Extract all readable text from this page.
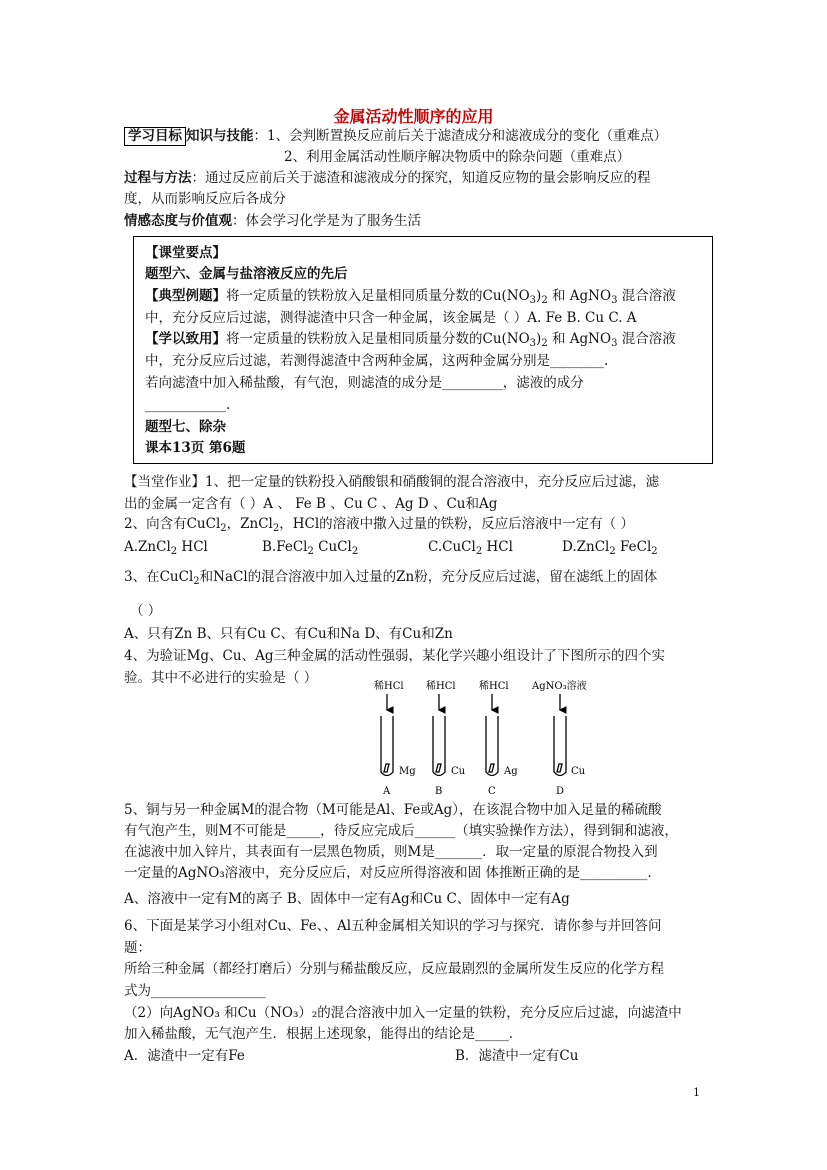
金属活动性顺序的应用
学习目标 知识与技能：1、会判断置换反应前后关于滤渣成分和滤液成分的变化（重难点）
2、利用金属活动性顺序解决物质中的除杂问题（重难点）
过程与方法：通过反应前后关于滤渣和滤液成分的探究，知道反应物的量会影响反应的程
度，从而影响反应后各成分
情感态度与价值观：体会学习化学是为了服务生活
【课堂要点】
题型六、金属与盐溶液反应的先后
【典型例题】将一定质量的铁粉放入足量相同质量分数的$Cu(NO_3)_2$ 和 AgNO$_3$ 混合溶液
中，充分反应后过滤，测得滤渣中只含一种金属，该金属是（ ）A. Fe B. Cu C. A
【学以致用】将一定质量的铁粉放入足量相同质量分数的$Cu(NO_3)_2$ 和 AgNO$_3$ 混合溶液
中，充分反应后过滤，若测得滤渣中含两种金属，这两种金属分别是________.
若向滤渣中加入稀盐酸，有气泡，则滤渣的成分是_________，滤液的成分
____________.
题型七、除杂
课本13页 第6题
【当堂作业】1、把一定量的铁粉投入硝酸银和硝酸铜的混合溶液中，充分反应后过滤，滤
出的金属一定含有（ ）A 、 Fe B 、Cu C 、Ag D 、Cu和Ag
2、向含有CuCl$_2$，ZnCl$_2$，HCl的溶液中撒入过量的铁粉，反应后溶液中一定有（ ）
A.ZnCl$_2$ HCl	B.FeCl$_2$ CuCl$_2$	C.CuCl$_2$ HCl	D.ZnCl$_2$ FeCl$_2$
3、在CuCl$_2$和NaCl的混合溶液中加入过量的Zn粉，充分反应后过滤，留在滤纸上的固体
（ ）
A、只有Zn B、只有Cu C、有Cu和Na D、有Cu和Zn
4、为验证Mg、Cu、Ag三种金属的活动性强弱，某化学兴趣小组设计了下图所示的四个实
验。其中不必进行的实验是（ ）
稀HCl 稀HCl 稀HCl AgNO₃溶液
Mg	Cu	Ag	Cu
A	B	C	D
5、铜与另一种金属M的混合物（M可能是Al、Fe或Ag），在该混合物中加入足量的稀硫酸
有气泡产生，则M不可能是_____，待反应完成后______（填实验操作方法），得到铜和滤液，
在滤液中加入锌片，其表面有一层黑色物质，则M是_______．取一定量的原混合物投入到
一定量的AgNO₃溶液中，充分反应后，对反应所得溶液和固 体推断正确的是__________．
A、溶液中一定有M的离子 B、固体中一定有Ag和Cu C、固体中一定有Ag
6、下面是某学习小组对Cu、Fe、、Al五种金属相关知识的学习与探究．请你参与并回答问
题：
所给三种金属（都经打磨后）分别与稀盐酸反应，反应最剧烈的金属所发生反应的化学方程
式为_________________
（2）向AgNO₃ 和Cu（NO₃）₂的混合溶液中加入一定量的铁粉，充分反应后过滤，向滤渣中
加入稀盐酸，无气泡产生．根据上述现象，能得出的结论是_____．
A．滤渣中一定有Fe	B．滤渣中一定有Cu
1
